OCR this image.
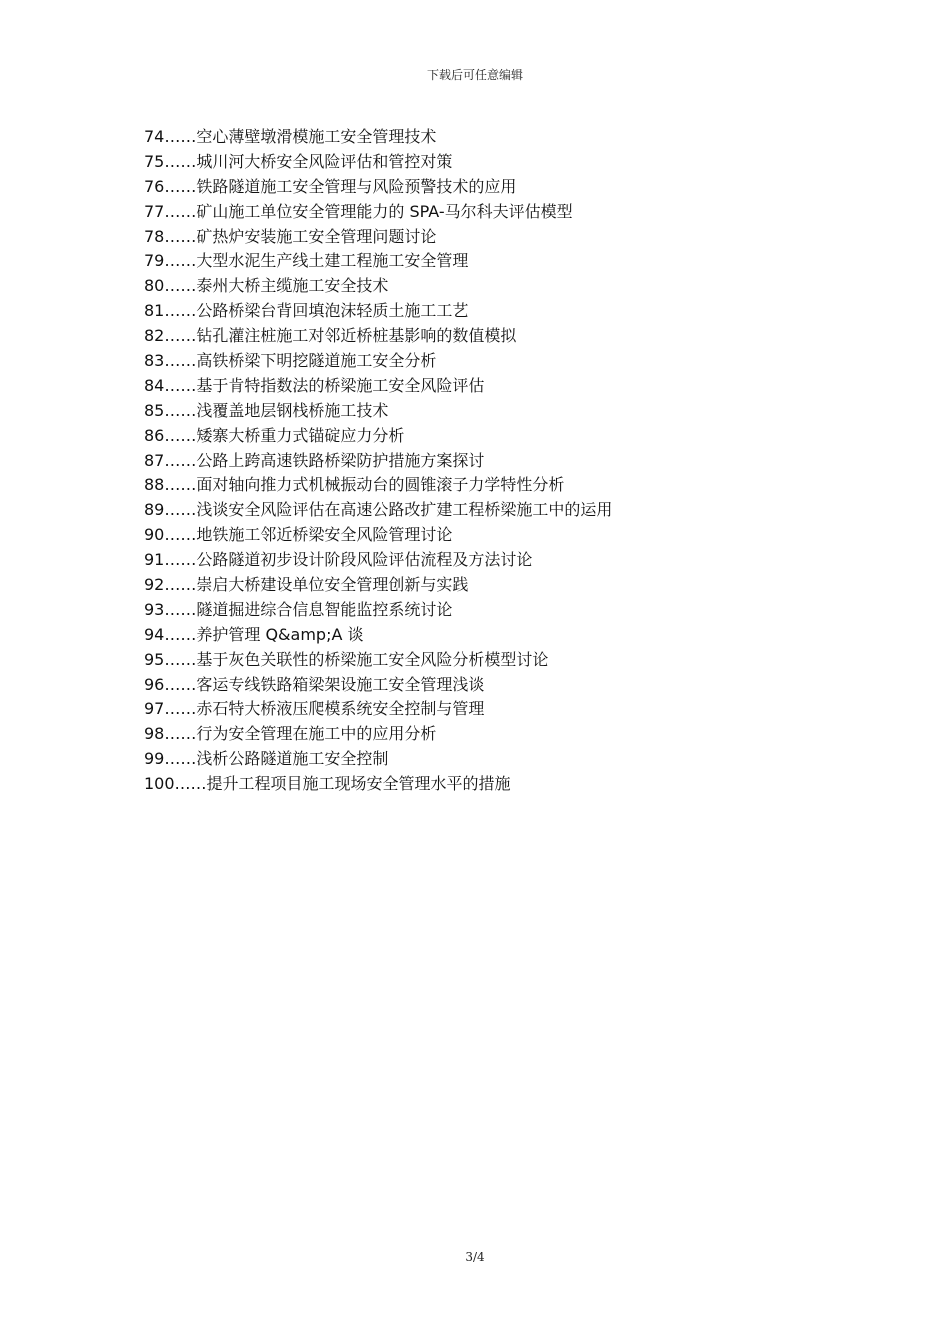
下载后可任意编辑
74……空心薄壁墩滑模施工安全管理技术
75……城川河大桥安全风险评估和管控对策
76……铁路隧道施工安全管理与风险预警技术的应用
77……矿山施工单位安全管理能力的 SPA-马尔科夫评估模型
78……矿热炉安装施工安全管理问题讨论
79……大型水泥生产线土建工程施工安全管理
80……泰州大桥主缆施工安全技术
81……公路桥梁台背回填泡沫轻质土施工工艺
82……钻孔灌注桩施工对邻近桥桩基影响的数值模拟
83……高铁桥梁下明挖隧道施工安全分析
84……基于肯特指数法的桥梁施工安全风险评估
85……浅覆盖地层钢栈桥施工技术
86……矮寨大桥重力式锚碇应力分析
87……公路上跨高速铁路桥梁防护措施方案探讨
88……面对轴向推力式机械振动台的圆锥滚子力学特性分析
89……浅谈安全风险评估在高速公路改扩建工程桥梁施工中的运用
90……地铁施工邻近桥梁安全风险管理讨论
91……公路隧道初步设计阶段风险评估流程及方法讨论
92……崇启大桥建设单位安全管理创新与实践
93……隧道掘进综合信息智能监控系统讨论
94……养护管理 Q&amp;A 谈
95……基于灰色关联性的桥梁施工安全风险分析模型讨论
96……客运专线铁路箱梁架设施工安全管理浅谈
97……赤石特大桥液压爬模系统安全控制与管理
98……行为安全管理在施工中的应用分析
99……浅析公路隧道施工安全控制
100……提升工程项目施工现场安全管理水平的措施
3/4
